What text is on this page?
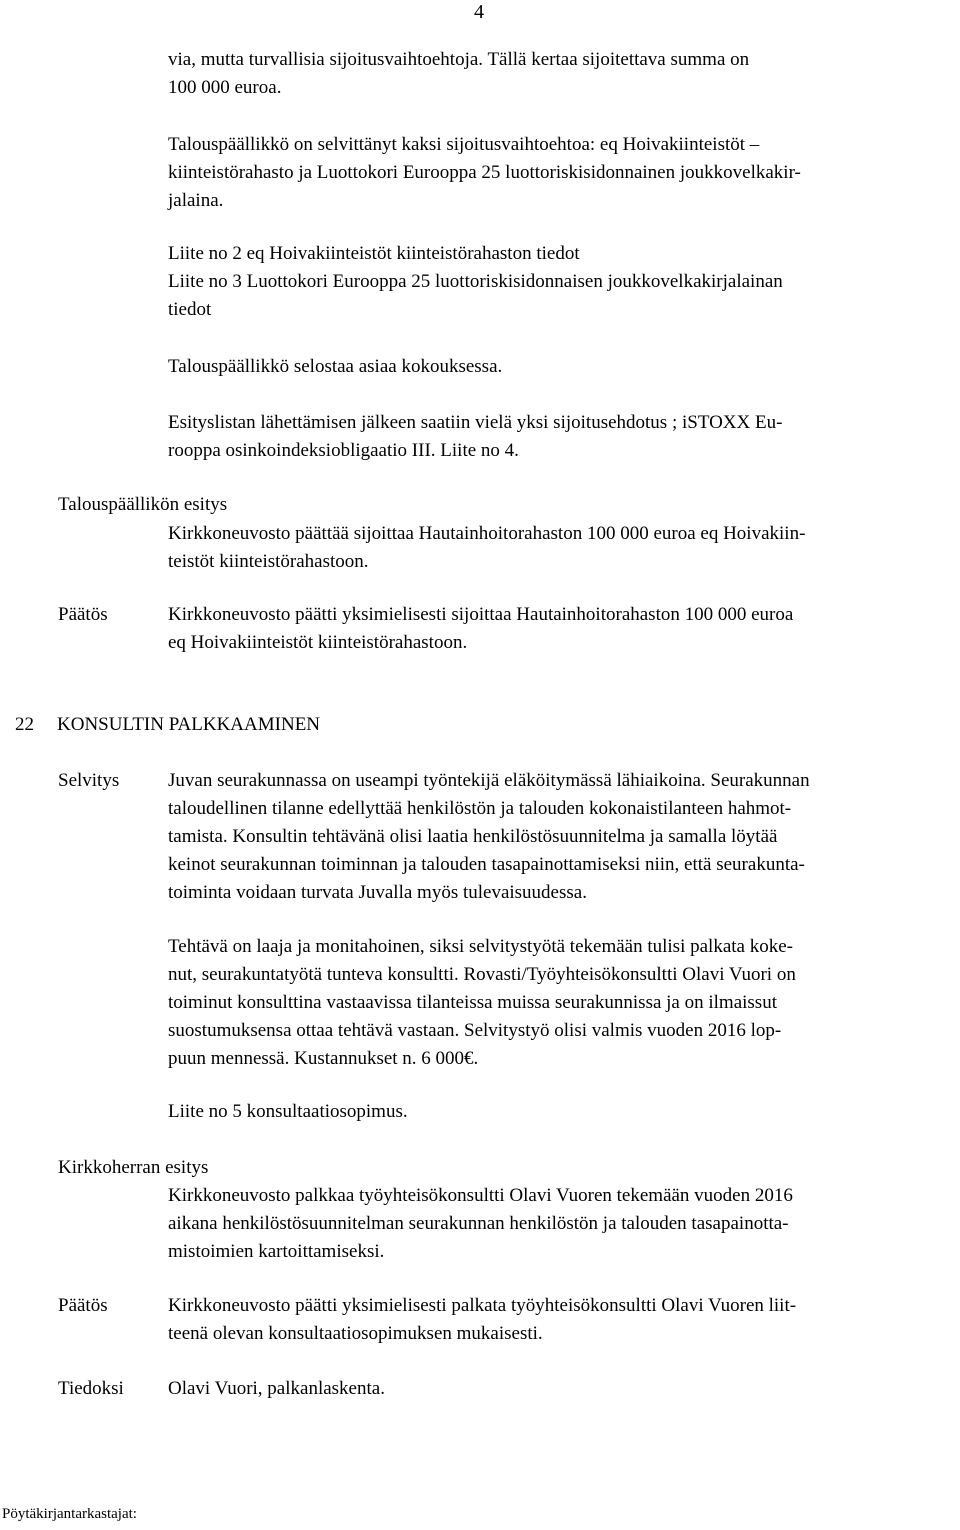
4
via, mutta turvallisia sijoitusvaihtoehtoja. Tällä kertaa sijoitettava summa on
100 000 euroa.
Talouspäällikkö on selvittänyt kaksi sijoitusvaihtoehtoa: eq Hoivakiinteistöt –
kiinteistörahasto ja Luottokori Eurooppa 25 luottoriskisidonnainen joukkovelkakir-
jalaina.
Liite no 2 eq Hoivakiinteistöt kiinteistörahaston tiedot
Liite no 3 Luottokori Eurooppa 25 luottoriskisidonnaisen joukkovelkakirjalainan
tiedot
Talouspäällikkö selostaa asiaa kokouksessa.
Esityslistan lähettämisen jälkeen saatiin vielä yksi sijoitusehdotus ; iSTOXX Eu-
rooppa osinkoindeksiobligaatio III. Liite no 4.
Talouspäällikön esitys
Kirkkoneuvosto päättää sijoittaa Hautainhoitorahaston 100 000 euroa eq Hoivakiin-
teistöt kiinteistörahastoon.
Päätös	Kirkkoneuvosto päätti yksimielisesti sijoittaa Hautainhoitorahaston 100 000 euroa
eq Hoivakiinteistöt kiinteistörahastoon.
22 KONSULTIN PALKKAAMINEN
Selvitys	Juvan seurakunnassa on useampi työntekijä eläköitymässä lähiaikoina. Seurakunnan
taloudellinen tilanne edellyttää henkilöstön ja talouden kokonaistilanteen hahmot-
tamista. Konsultin tehtävänä olisi laatia henkilöstösuunnitelma ja samalla löytää
keinot seurakunnan toiminnan ja talouden tasapainottamiseksi niin, että seurakunta-
toiminta voidaan turvata Juvalla myös tulevaisuudessa.
Tehtävä on laaja ja monitahoinen, siksi selvitystyötä tekemään tulisi palkata koke-
nut, seurakuntatyötä tunteva konsultti. Rovasti/Työyhteisökonsultti Olavi Vuori on
toiminut konsulttina vastaavissa tilanteissa muissa seurakunnissa ja on ilmaissut
suostumuksensa ottaa tehtävä vastaan. Selvitystyö olisi valmis vuoden 2016 lop-
puun mennessä. Kustannukset n. 6 000€.
Liite no 5 konsultaatiosopimus.
Kirkkoherran esitys
Kirkkoneuvosto palkkaa työyhteisökonsultti Olavi Vuoren tekemään vuoden 2016
aikana henkilöstösuunnitelman seurakunnan henkilöstön ja talouden tasapainotta-
mistoimien kartoittamiseksi.
Päätös	Kirkkoneuvosto päätti yksimielisesti palkata työyhteisökonsultti Olavi Vuoren liit-
teenä olevan konsultaatiosopimuksen mukaisesti.
Tiedoksi Olavi Vuori, palkanlaskenta.
Pöytäkirjantarkastajat:
